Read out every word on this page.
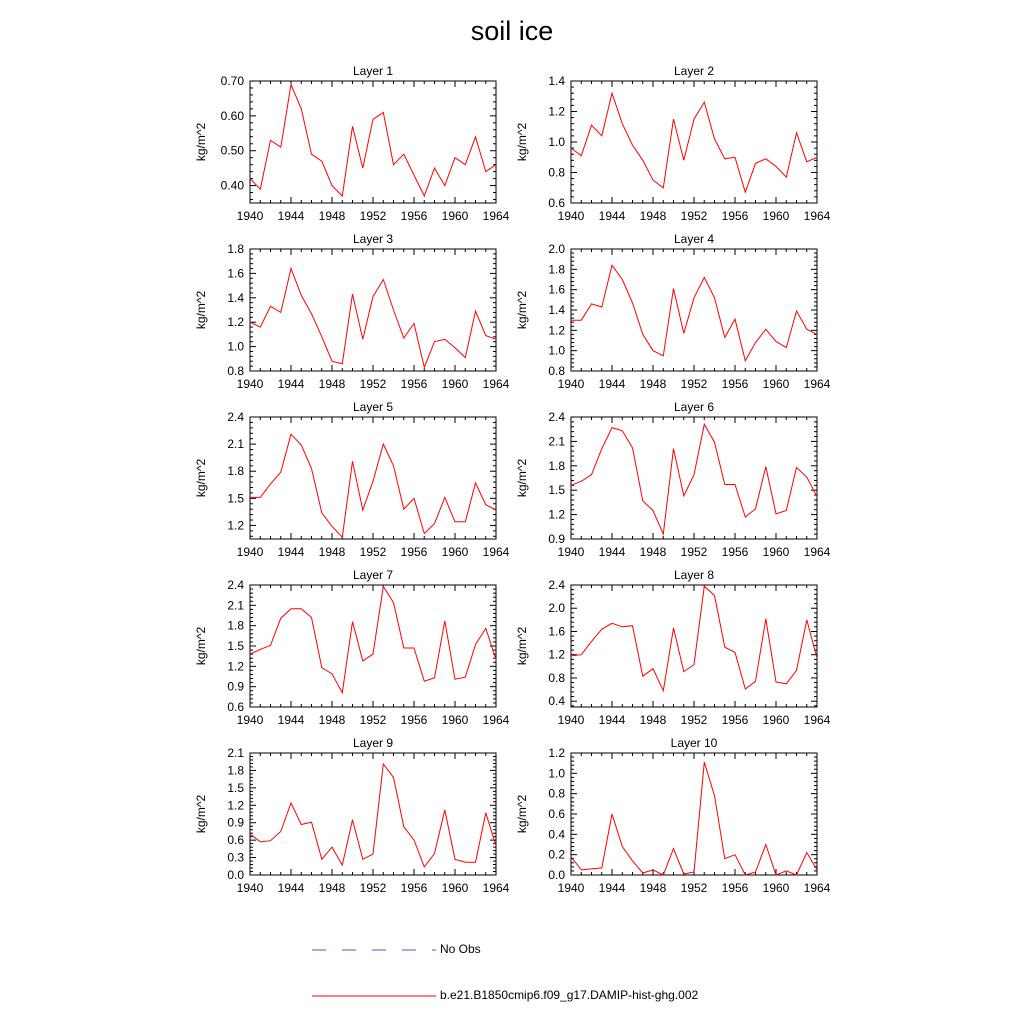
soil ice
Layer 1
kg/m^2
0.40
0.50
0.60
0.70
1940 1944 1948 1952 1956 1960 1964
Layer 2
kg/m^2
0.6
0.8
1.0
1.2
1.4
1940 1944 1948 1952 1956 1960 1964
Layer 3
kg/m^2
0.8
1.0
1.2
1.4
1.6
1.8
1940 1944 1948 1952 1956 1960 1964
Layer 4
kg/m^2
0.8
1.0
1.2
1.4
1.6
1.8
2.0
1940 1944 1948 1952 1956 1960 1964
Layer 5
kg/m^2
1.2
1.5
1.8
2.1
2.4
1940 1944 1948 1952 1956 1960 1964
Layer 6
kg/m^2
0.9
1.2
1.5
1.8
2.1
2.4
1940 1944 1948 1952 1956 1960 1964
Layer 7
kg/m^2
0.6
0.9
1.2
1.5
1.8
2.1
2.4
1940 1944 1948 1952 1956 1960 1964
Layer 8
kg/m^2
0.4
0.8
1.2
1.6
2.0
2.4
1940 1944 1948 1952 1956 1960 1964
Layer 9
kg/m^2
0.0
0.3
0.6
0.9
1.2
1.5
1.8
2.1
1940 1944 1948 1952 1956 1960 1964
Layer 10
kg/m^2
0.0
0.2
0.4
0.6
0.8
1.0
1.2
1940 1944 1948 1952 1956 1960 1964
No Obs
b.e21.B1850cmip6.f09_g17.DAMIP-hist-ghg.002
